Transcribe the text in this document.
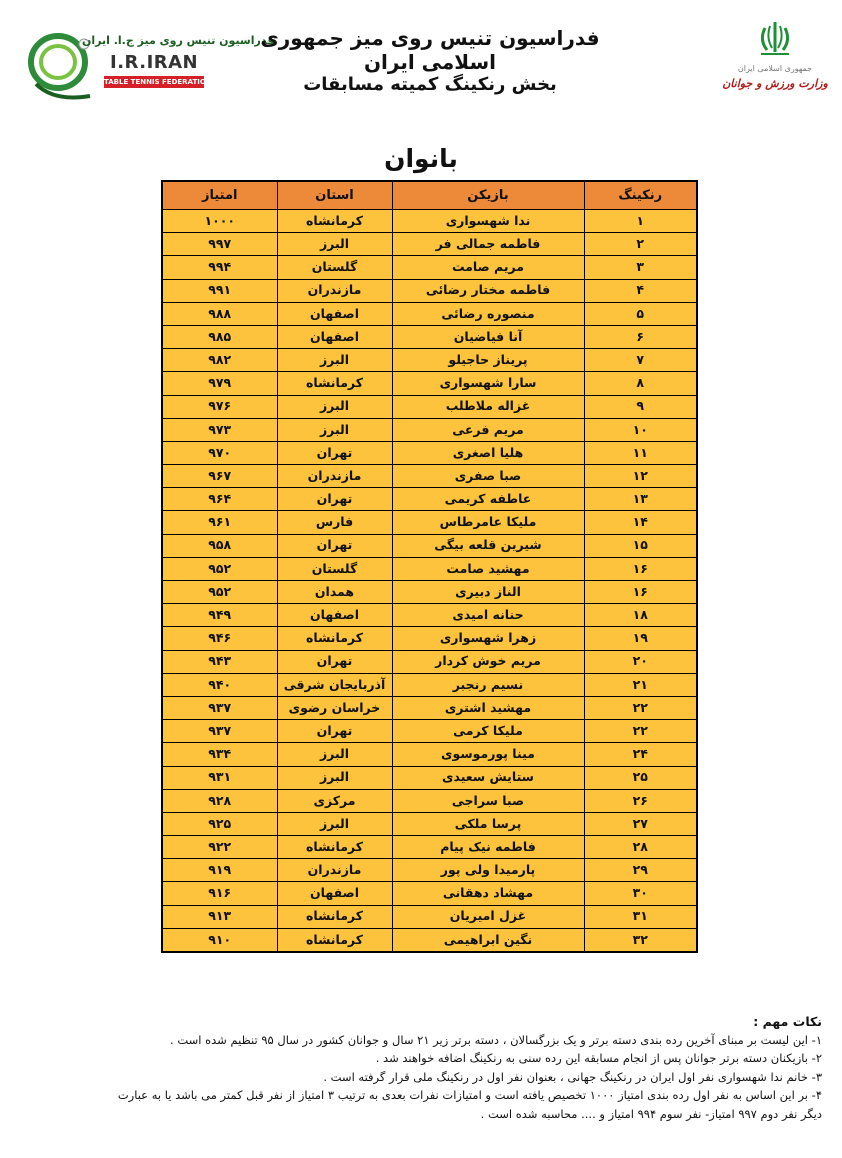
فدراسیون تنیس روی میز ج.ا. ایران
I.R.IRAN
TABLE TENNIS FEDERATION
فدراسیون تنیس روی میز جمهوری اسلامی ایران
بخش رنکینگ کمیته مسابقات
جمهوری اسلامی ایران
وزارت ورزش و جوانان
بانوان
رنکینگ	بازیکن	استان	امتیاز
۱	ندا شهسواری	کرمانشاه	۱۰۰۰
۲	فاطمه جمالی فر	البرز	۹۹۷
۳	مریم صامت	گلستان	۹۹۴
۴	فاطمه مختار رضائی	مازندران	۹۹۱
۵	منصوره رضائی	اصفهان	۹۸۸
۶	آنا فیاضیان	اصفهان	۹۸۵
۷	پریناز حاجیلو	البرز	۹۸۲
۸	سارا شهسواری	کرمانشاه	۹۷۹
۹	غزاله ملاطلب	البرز	۹۷۶
۱۰	مریم فرعی	البرز	۹۷۳
۱۱	هلیا اصغری	تهران	۹۷۰
۱۲	صبا صفری	مازندران	۹۶۷
۱۳	عاطفه کریمی	تهران	۹۶۴
۱۴	ملیکا عامرطاس	فارس	۹۶۱
۱۵	شیرین قلعه بیگی	تهران	۹۵۸
۱۶	مهشید صامت	گلستان	۹۵۲
۱۶	الناز دبیری	همدان	۹۵۲
۱۸	حنانه امیدی	اصفهان	۹۴۹
۱۹	زهرا شهسواری	کرمانشاه	۹۴۶
۲۰	مریم خوش کردار	تهران	۹۴۳
۲۱	نسیم رنجبر	آذربایجان شرقی	۹۴۰
۲۲	مهشید اشتری	خراسان رضوی	۹۳۷
۲۲	ملیکا کرمی	تهران	۹۳۷
۲۴	مینا پورموسوی	البرز	۹۳۴
۲۵	ستایش سعیدی	البرز	۹۳۱
۲۶	صبا سراجی	مرکزی	۹۲۸
۲۷	پرسا ملکی	البرز	۹۲۵
۲۸	فاطمه نیک پیام	کرمانشاه	۹۲۲
۲۹	پارمیدا ولی پور	مازندران	۹۱۹
۳۰	مهشاد دهقانی	اصفهان	۹۱۶
۳۱	غزل امیریان	کرمانشاه	۹۱۳
۳۲	نگین ابراهیمی	کرمانشاه	۹۱۰
نکات مهم :
۱- این لیست بر مبنای آخرین رده بندی دسته برتر و یک بزرگسالان ، دسته برتر زیر ۲۱ سال و جوانان کشور در سال ۹۵ تنظیم شده است .
۲- بازیکنان دسته برتر جوانان پس از انجام مسابقه این رده سنی به رنکینگ اضافه خواهند شد .
۳- خانم ندا شهسواری نفر اول ایران در رنکینگ جهانی ، بعنوان نفر اول در رنکینگ ملی قرار گرفته است .
۴- بر این اساس به نفر اول رده بندی امتیاز ۱۰۰۰ تخصیص یافته است و امتیازات نفرات بعدی به ترتیب ۳ امتیاز از نفر قبل کمتر می باشد یا به عبارت
دیگر نفر دوم ۹۹۷ امتیاز- نفر سوم ۹۹۴ امتیاز و .... محاسبه شده است .
